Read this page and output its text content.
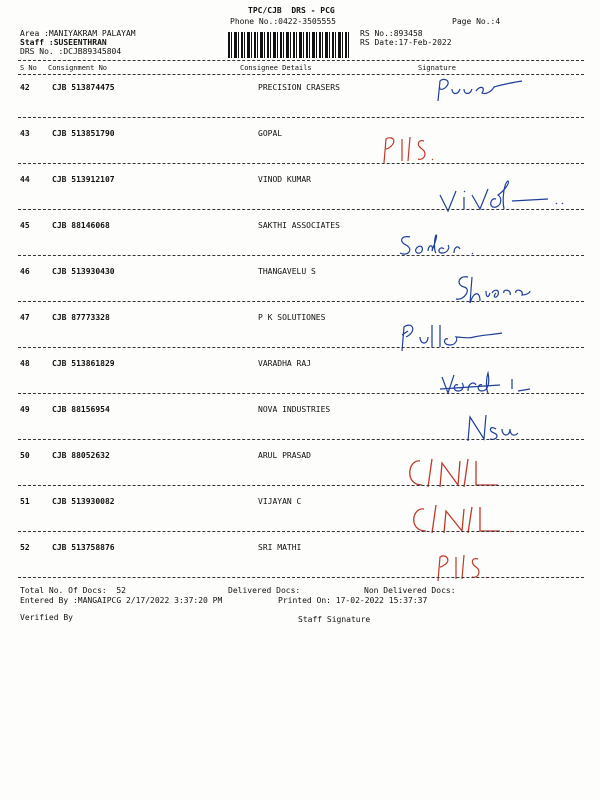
TPC/CJB  DRS - PCG
Phone No.:0422-3505555	Page No.:4
Area :MANIYAKRAM PALAYAM
Staff :SUSEENTHRAN
DRS No. :DCJB89345804
RS No.:893458
RS Date:17-Feb-2022
S No Consignment No	Consignee Details	Signature
42	CJB 513874475	PRECISION CRASERS
43	CJB 513851790	GOPAL
44	CJB 513912107	VINOD KUMAR
45	CJB 88146068	SAKTHI ASSOCIATES
46	CJB 513930430	THANGAVELU S
47	CJB 87773328	P K SOLUTIONES
48	CJB 513861829	VARADHA RAJ
49	CJB 88156954	NOVA INDUSTRIES
50	CJB 88052632	ARUL PRASAD
51	CJB 513930082	VIJAYAN C
52	CJB 513758876	SRI MATHI
Total No. Of Docs:  52	Delivered Docs:	Non Delivered Docs:
Entered By :MANGAIPCG 2/17/2022 3:37:20 PM	Printed On: 17-02-2022 15:37:37
Verified By	Staff Signature
